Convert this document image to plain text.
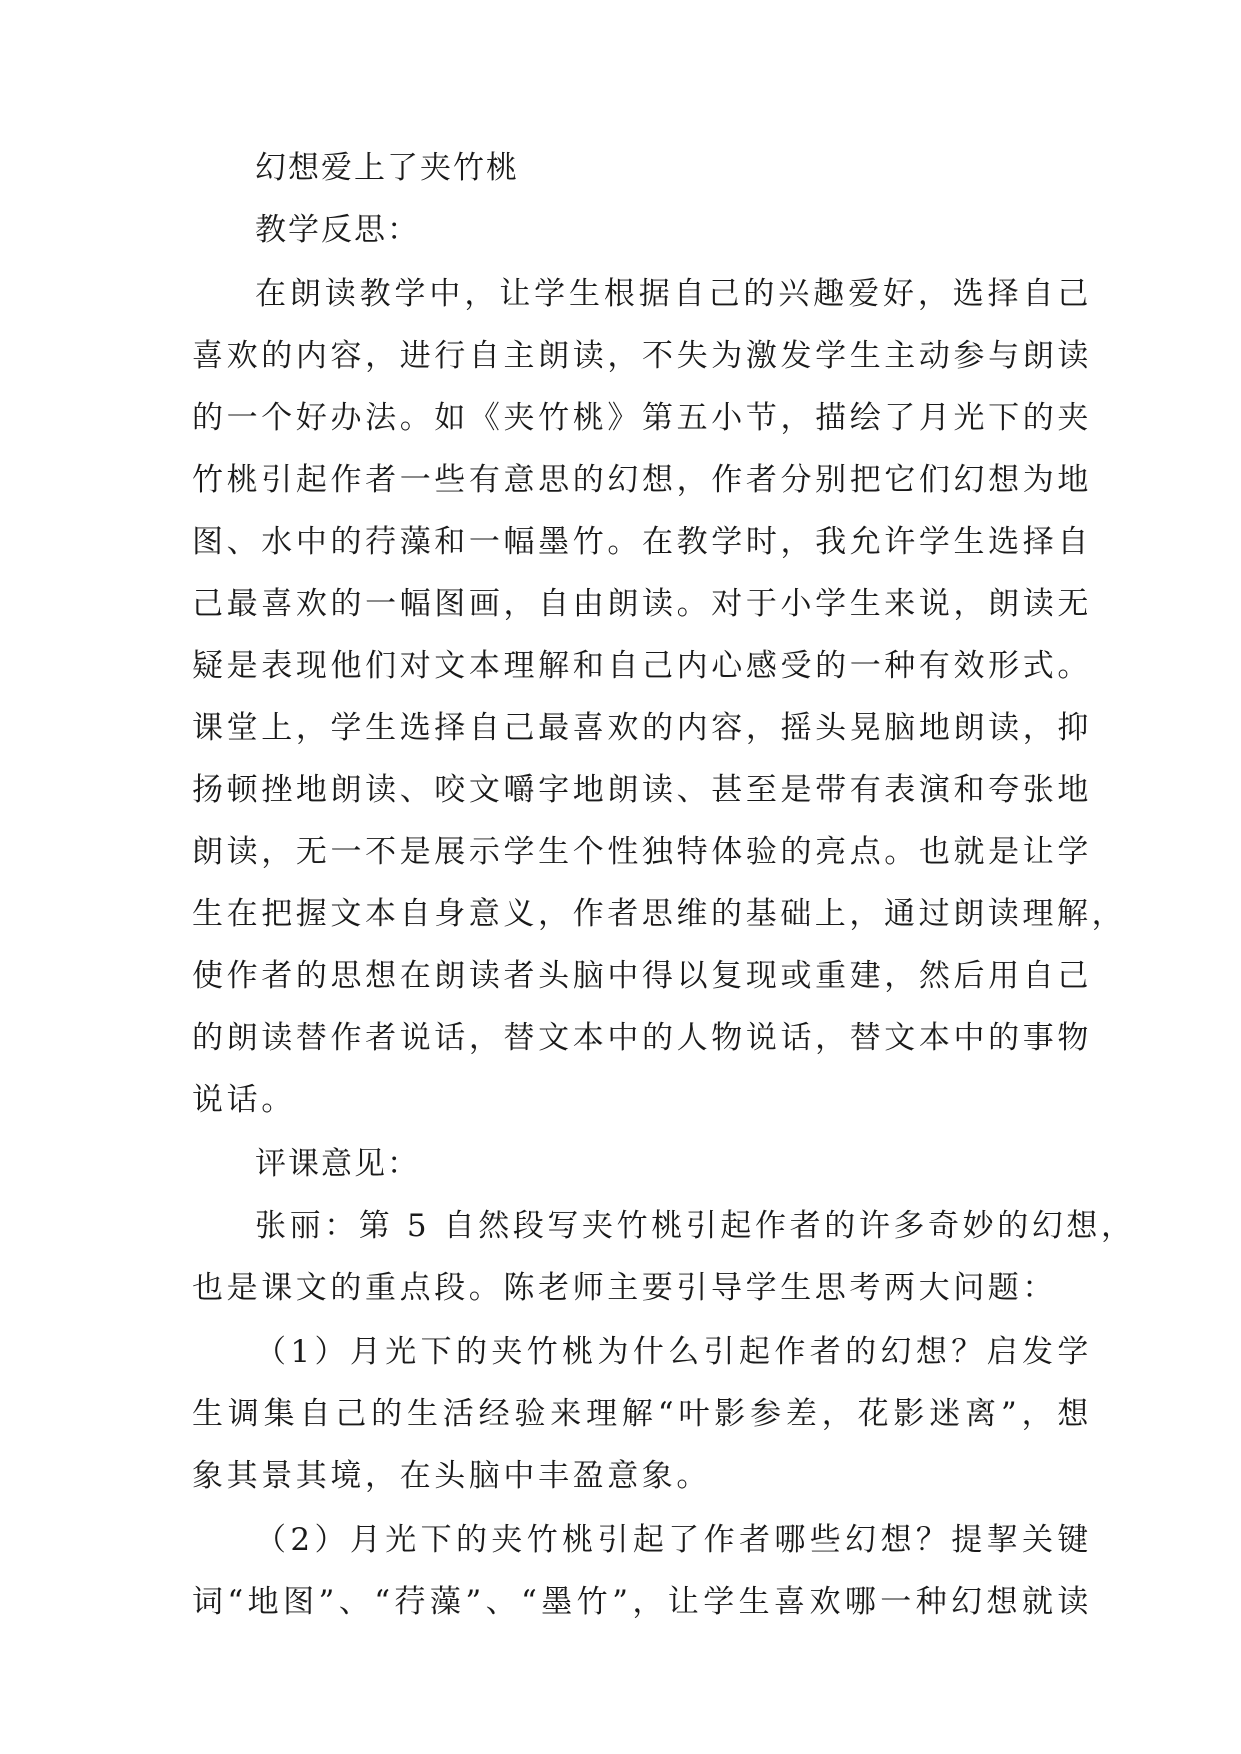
幻想爱上了夹竹桃
教学反思：
在朗读教学中，让学生根据自己的兴趣爱好，选择自己
喜欢的内容，进行自主朗读，不失为激发学生主动参与朗读
的一个好办法。如《夹竹桃》第五小节，描绘了月光下的夹
竹桃引起作者一些有意思的幻想，作者分别把它们幻想为地
图、水中的荇藻和一幅墨竹。在教学时，我允许学生选择自
己最喜欢的一幅图画，自由朗读。对于小学生来说，朗读无
疑是表现他们对文本理解和自己内心感受的一种有效形式。
课堂上，学生选择自己最喜欢的内容，摇头晃脑地朗读，抑
扬顿挫地朗读、咬文嚼字地朗读、甚至是带有表演和夸张地
朗读，无一不是展示学生个性独特体验的亮点。也就是让学
生在把握文本自身意义，作者思维的基础上，通过朗读理解，
使作者的思想在朗读者头脑中得以复现或重建，然后用自己
的朗读替作者说话，替文本中的人物说话，替文本中的事物
说话。
评课意见：
张丽：第 5 自然段写夹竹桃引起作者的许多奇妙的幻想，
也是课文的重点段。陈老师主要引导学生思考两大问题：
（1）月光下的夹竹桃为什么引起作者的幻想？启发学
生调集自己的生活经验来理解“叶影参差，花影迷离”，想
象其景其境，在头脑中丰盈意象。
（2）月光下的夹竹桃引起了作者哪些幻想？提挈关键
词“地图”、“荇藻”、“墨竹”，让学生喜欢哪一种幻想就读
